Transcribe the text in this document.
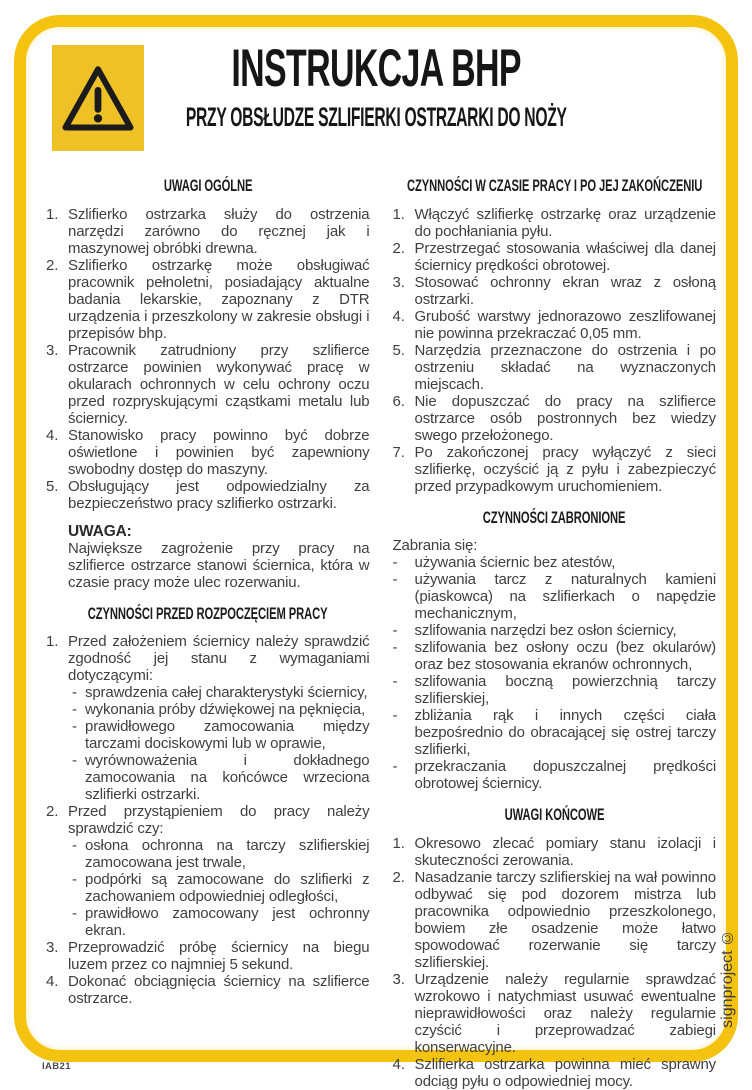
INSTRUKCJA BHP
PRZY OBSŁUDZE SZLIFIERKI OSTRZARKI DO NOŻY
UWAGI OGÓLNE
1. Szlifierko ostrzarka służy do ostrzenia narzędzi zarówno do ręcznej jak i maszynowej obróbki drewna.
2. Szlifierko ostrzarkę może obsługiwać pracownik pełnoletni, posiadający aktualne badania lekarskie, zapoznany z DTR urządzenia i przeszkolony w zakresie obsługi i przepisów bhp.
3. Pracownik zatrudniony przy szlifierce ostrzarce powinien wykonywać pracę w okularach ochronnych w celu ochrony oczu przed rozpryskującymi cząstkami metalu lub ściernicy.
4. Stanowisko pracy powinno być dobrze oświetlone i powinien być zapewniony swobodny dostęp do maszyny.
5. Obsługujący jest odpowiedzialny za bezpieczeństwo pracy szlifierko ostrzarki.
UWAGA:
Największe zagrożenie przy pracy na szlifierce ostrzarce stanowi ściernica, która w czasie pracy może ulec rozerwaniu.
CZYNNOŚCI PRZED ROZPOCZĘCIEM PRACY
1. Przed założeniem ściernicy należy sprawdzić zgodność jej stanu z wymaganiami dotyczącymi:
- sprawdzenia całej charakterystyki ściernicy,
- wykonania próby dźwiękowej na pęknięcia,
- prawidłowego zamocowania między tarczami dociskowymi lub w oprawie,
- wyrównoważenia i dokładnego zamocowania na końcówce wrzeciona szlifierki ostrzarki.
2. Przed przystąpieniem do pracy należy sprawdzić czy:
- osłona ochronna na tarczy szlifierskiej zamocowana jest trwale,
- podpórki są zamocowane do szlifierki z zachowaniem odpowiedniej odległości,
- prawidłowo zamocowany jest ochronny ekran.
3. Przeprowadzić próbę ściernicy na biegu luzem przez co najmniej 5 sekund.
4. Dokonać obciągnięcia ściernicy na szlifierce ostrzarce.
CZYNNOŚCI W CZASIE PRACY I PO JEJ ZAKOŃCZENIU
1. Włączyć szlifierkę ostrzarkę oraz urządzenie do pochłaniania pyłu.
2. Przestrzegać stosowania właściwej dla danej ściernicy prędkości obrotowej.
3. Stosować ochronny ekran wraz z osłoną ostrzarki.
4. Grubość warstwy jednorazowo zeszlifowanej nie powinna przekraczać 0,05 mm.
5. Narzędzia przeznaczone do ostrzenia i po ostrzeniu składać na wyznaczonych miejscach.
6. Nie dopuszczać do pracy na szlifierce ostrzarce osób postronnych bez wiedzy swego przełożonego.
7. Po zakończonej pracy wyłączyć z sieci szlifierkę, oczyścić ją z pyłu i zabezpieczyć przed przypadkowym uruchomieniem.
CZYNNOŚCI ZABRONIONE
Zabrania się:
-	używania ściernic bez atestów,
-	używania tarcz z naturalnych kamieni (piaskowca) na szlifierkach o napędzie mechanicznym,
-	szlifowania narzędzi bez osłon ściernicy,
-	szlifowania bez osłony oczu (bez okularów) oraz bez stosowania ekranów ochronnych,
-	szlifowania boczną powierzchnią tarczy szlifierskiej,
-	zbliżania rąk i innych części ciała bezpośrednio do obracającej się ostrej tarczy szlifierki,
-	przekraczania dopuszczalnej prędkości obrotowej ściernicy.
UWAGI KOŃCOWE
1. Okresowo zlecać pomiary stanu izolacji i skuteczności zerowania.
2. Nasadzanie tarczy szlifierskiej na wał powinno odbywać się pod dozorem mistrza lub pracownika odpowiednio przeszkolonego, bowiem złe osadzenie może łatwo spowodować rozerwanie się tarczy szlifierskiej.
3. Urządzenie należy regularnie sprawdzać wzrokowo i natychmiast usuwać ewentualne nieprawidłowości oraz należy regularnie czyścić i przeprowadzać zabiegi konserwacyjne.
4. Szlifierka ostrzarka powinna mieć sprawny odciąg pyłu o odpowiedniej mocy.
IAB21
signproject ©
